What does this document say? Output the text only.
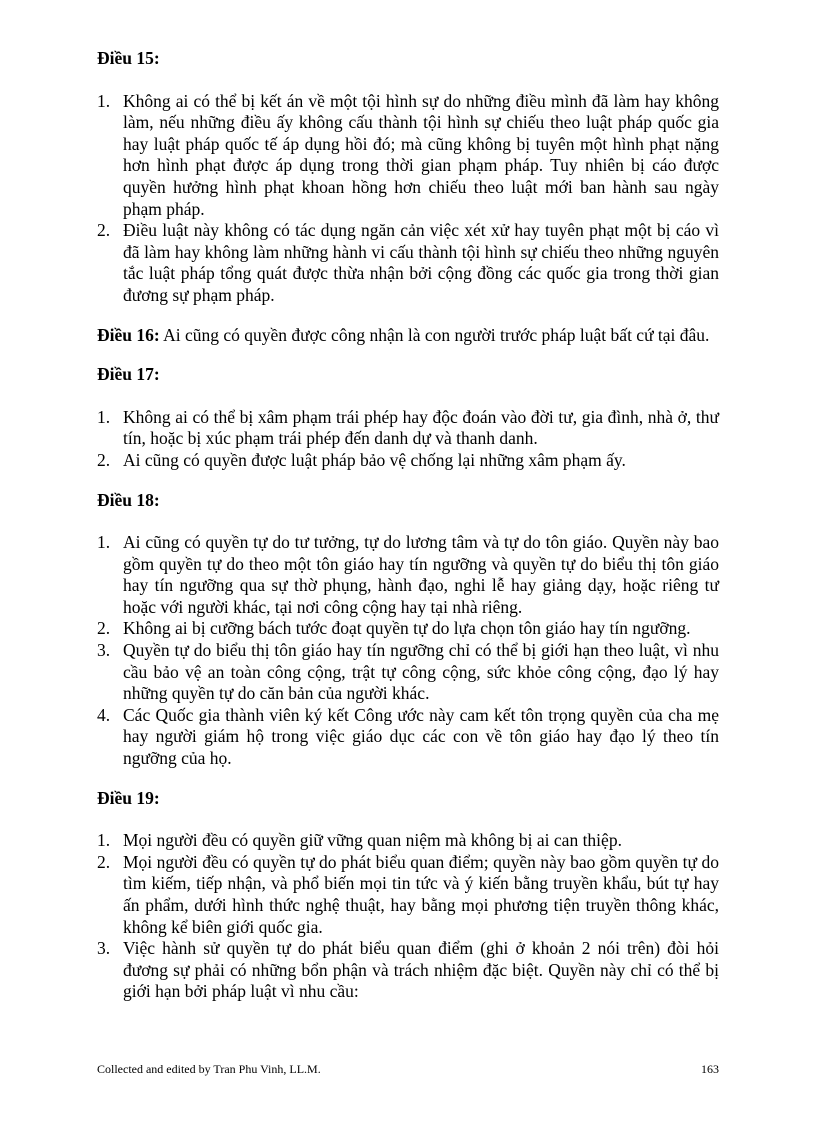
Điều 15:

1. Không ai có thể bị kết án về một tội hình sự do những điều mình đã làm hay không làm, nếu những điều ấy không cấu thành tội hình sự chiếu theo luật pháp quốc gia hay luật pháp quốc tế áp dụng hồi đó; mà cũng không bị tuyên một hình phạt nặng hơn hình phạt được áp dụng trong thời gian phạm pháp. Tuy nhiên bị cáo được quyền hưởng hình phạt khoan hồng hơn chiếu theo luật mới ban hành sau ngày phạm pháp.
2. Điều luật này không có tác dụng ngăn cản việc xét xử hay tuyên phạt một bị cáo vì đã làm hay không làm những hành vi cấu thành tội hình sự chiếu theo những nguyên tắc luật pháp tổng quát được thừa nhận bởi cộng đồng các quốc gia trong thời gian đương sự phạm pháp.

Điều 16: Ai cũng có quyền được công nhận là con người trước pháp luật bất cứ tại đâu.

Điều 17:

1. Không ai có thể bị xâm phạm trái phép hay độc đoán vào đời tư, gia đình, nhà ở, thư tín, hoặc bị xúc phạm trái phép đến danh dự và thanh danh.
2. Ai cũng có quyền được luật pháp bảo vệ chống lại những xâm phạm ấy.

Điều 18:

1. Ai cũng có quyền tự do tư tưởng, tự do lương tâm và tự do tôn giáo. Quyền này bao gồm quyền tự do theo một tôn giáo hay tín ngưỡng và quyền tự do biểu thị tôn giáo hay tín ngưỡng qua sự thờ phụng, hành đạo, nghi lễ hay giảng dạy, hoặc riêng tư hoặc với người khác, tại nơi công cộng hay tại nhà riêng.
2. Không ai bị cưỡng bách tước đoạt quyền tự do lựa chọn tôn giáo hay tín ngưỡng.
3. Quyền tự do biểu thị tôn giáo hay tín ngưỡng chỉ có thể bị giới hạn theo luật, vì nhu cầu bảo vệ an toàn công cộng, trật tự công cộng, sức khỏe công cộng, đạo lý hay những quyền tự do căn bản của người khác.
4. Các Quốc gia thành viên ký kết Công ước này cam kết tôn trọng quyền của cha mẹ hay người giám hộ trong việc giáo dục các con về tôn giáo hay đạo lý theo tín ngưỡng của họ.

Điều 19:

1. Mọi người đều có quyền giữ vững quan niệm mà không bị ai can thiệp.
2. Mọi người đều có quyền tự do phát biểu quan điểm; quyền này bao gồm quyền tự do tìm kiếm, tiếp nhận, và phổ biến mọi tin tức và ý kiến bằng truyền khẩu, bút tự hay ấn phẩm, dưới hình thức nghệ thuật, hay bằng mọi phương tiện truyền thông khác, không kể biên giới quốc gia.
3. Việc hành sử quyền tự do phát biểu quan điểm (ghi ở khoản 2 nói trên) đòi hỏi đương sự phải có những bổn phận và trách nhiệm đặc biệt. Quyền này chỉ có thể bị giới hạn bởi pháp luật vì nhu cầu:
Collected and edited by Tran Phu Vinh, LL.M.	163
